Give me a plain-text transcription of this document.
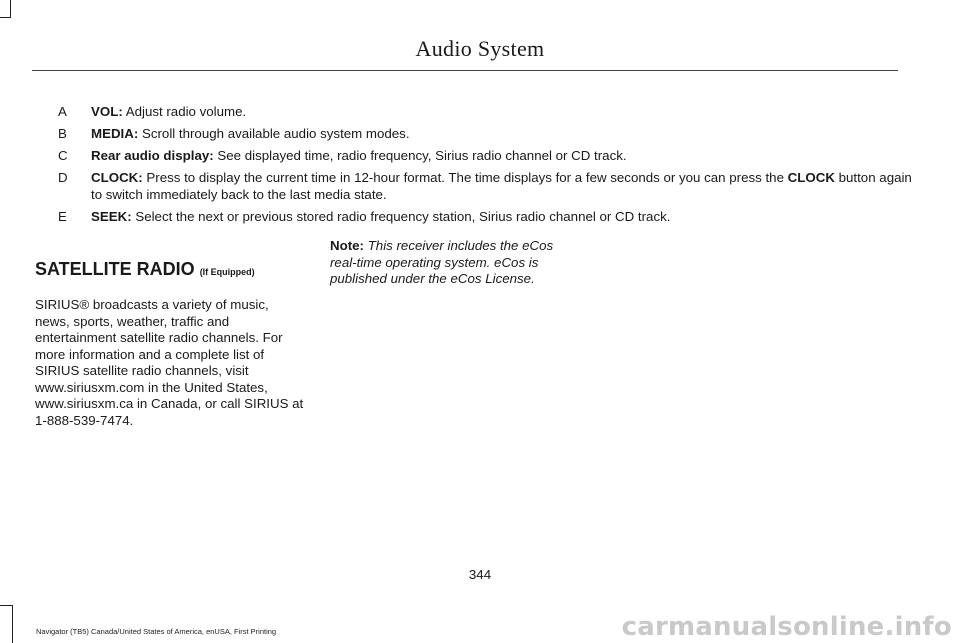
Audio System
A	VOL: Adjust radio volume.
B	MEDIA: Scroll through available audio system modes.
C	Rear audio display: See displayed time, radio frequency, Sirius radio channel or CD track.
D	CLOCK: Press to display the current time in 12-hour format. The time displays for a few seconds or you can press the CLOCK button again to switch immediately back to the last media state.
E	SEEK: Select the next or previous stored radio frequency station, Sirius radio channel or CD track.
SATELLITE RADIO (If Equipped)

SIRIUS® broadcasts a variety of music, news, sports, weather, traffic and entertainment satellite radio channels. For more information and a complete list of SIRIUS satellite radio channels, visit www.siriusxm.com in the United States, www.siriusxm.ca in Canada, or call SIRIUS at 1-888-539-7474.

Note: This receiver includes the eCos real-time operating system. eCos is published under the eCos License.
344
Navigator (TB5) Canada/United States of America, enUSA, First Printing	carmanualsonline.info
